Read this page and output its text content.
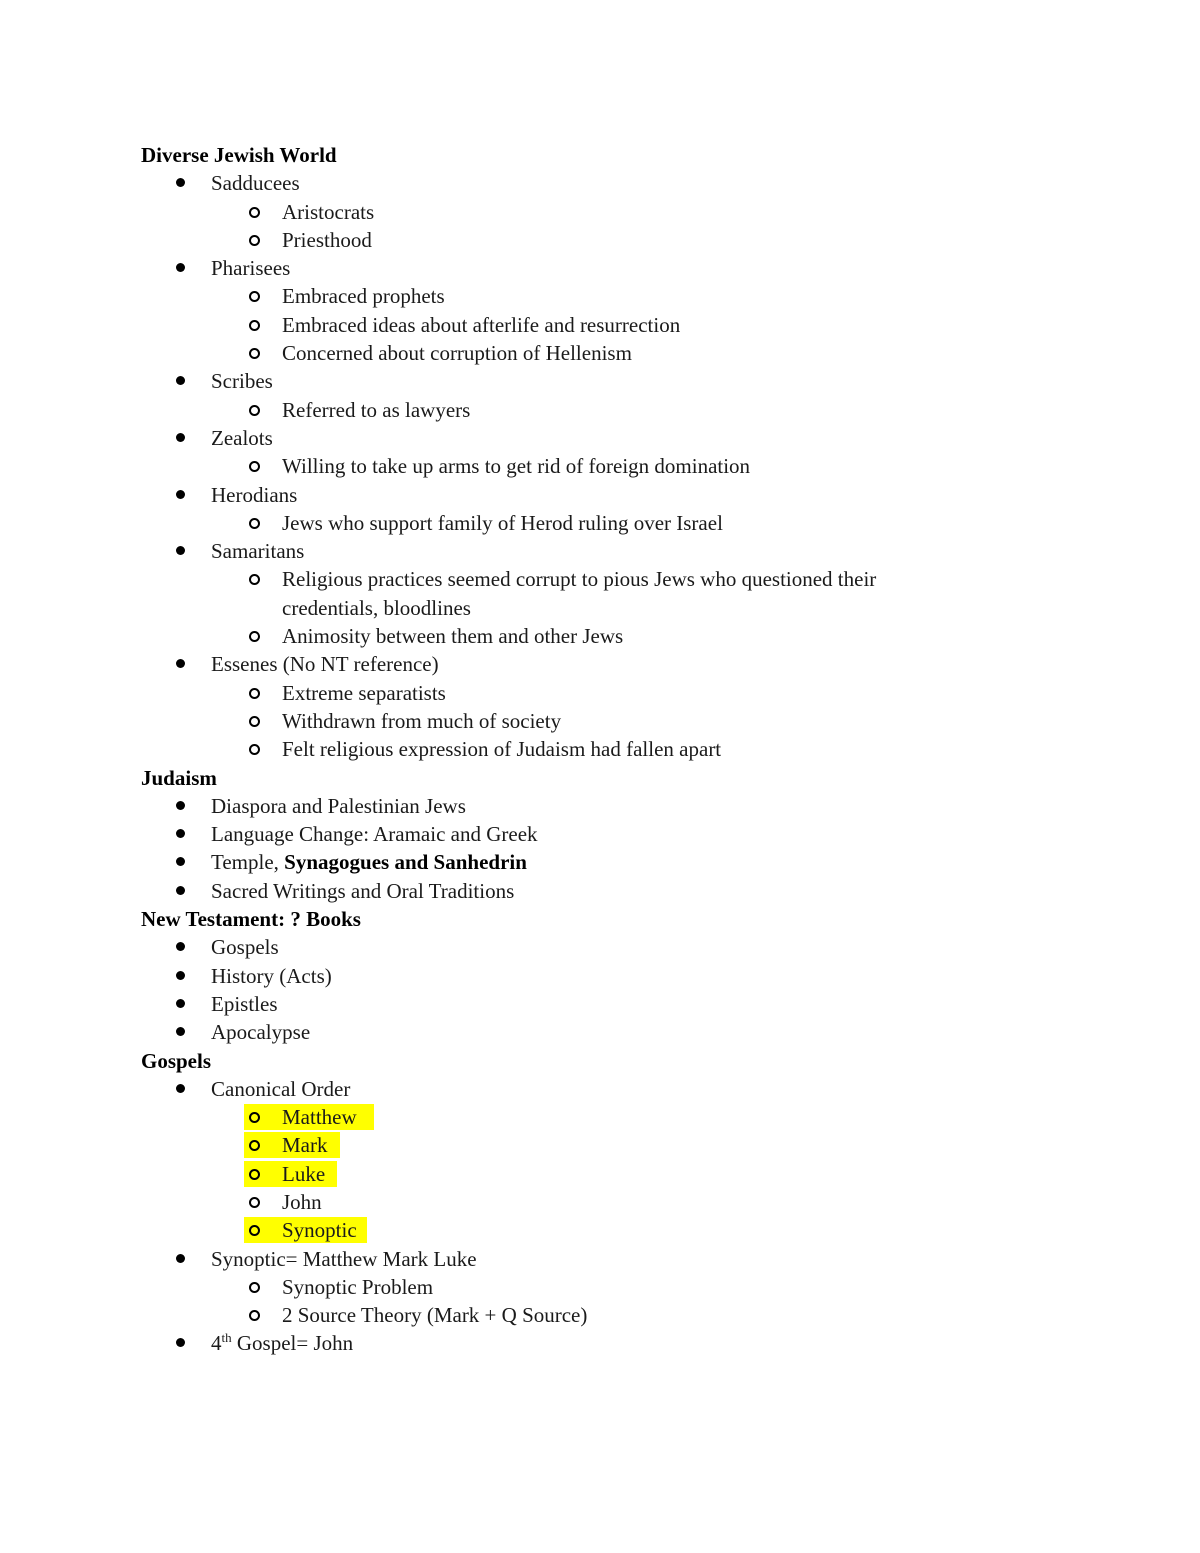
Diverse Jewish World
Sadducees
Aristocrats
Priesthood
Pharisees
Embraced prophets
Embraced ideas about afterlife and resurrection
Concerned about corruption of Hellenism
Scribes
Referred to as lawyers
Zealots
Willing to take up arms to get rid of foreign domination
Herodians
Jews who support family of Herod ruling over Israel
Samaritans
Religious practices seemed corrupt to pious Jews who questioned their credentials, bloodlines
Animosity between them and other Jews
Essenes (No NT reference)
Extreme separatists
Withdrawn from much of society
Felt religious expression of Judaism had fallen apart
Judaism
Diaspora and Palestinian Jews
Language Change: Aramaic and Greek
Temple, Synagogues and Sanhedrin
Sacred Writings and Oral Traditions
New Testament: ? Books
Gospels
History (Acts)
Epistles
Apocalypse
Gospels
Canonical Order
Matthew
Mark
Luke
John
Synoptic
Synoptic= Matthew Mark Luke
Synoptic Problem
2 Source Theory (Mark + Q Source)
4th Gospel= John
